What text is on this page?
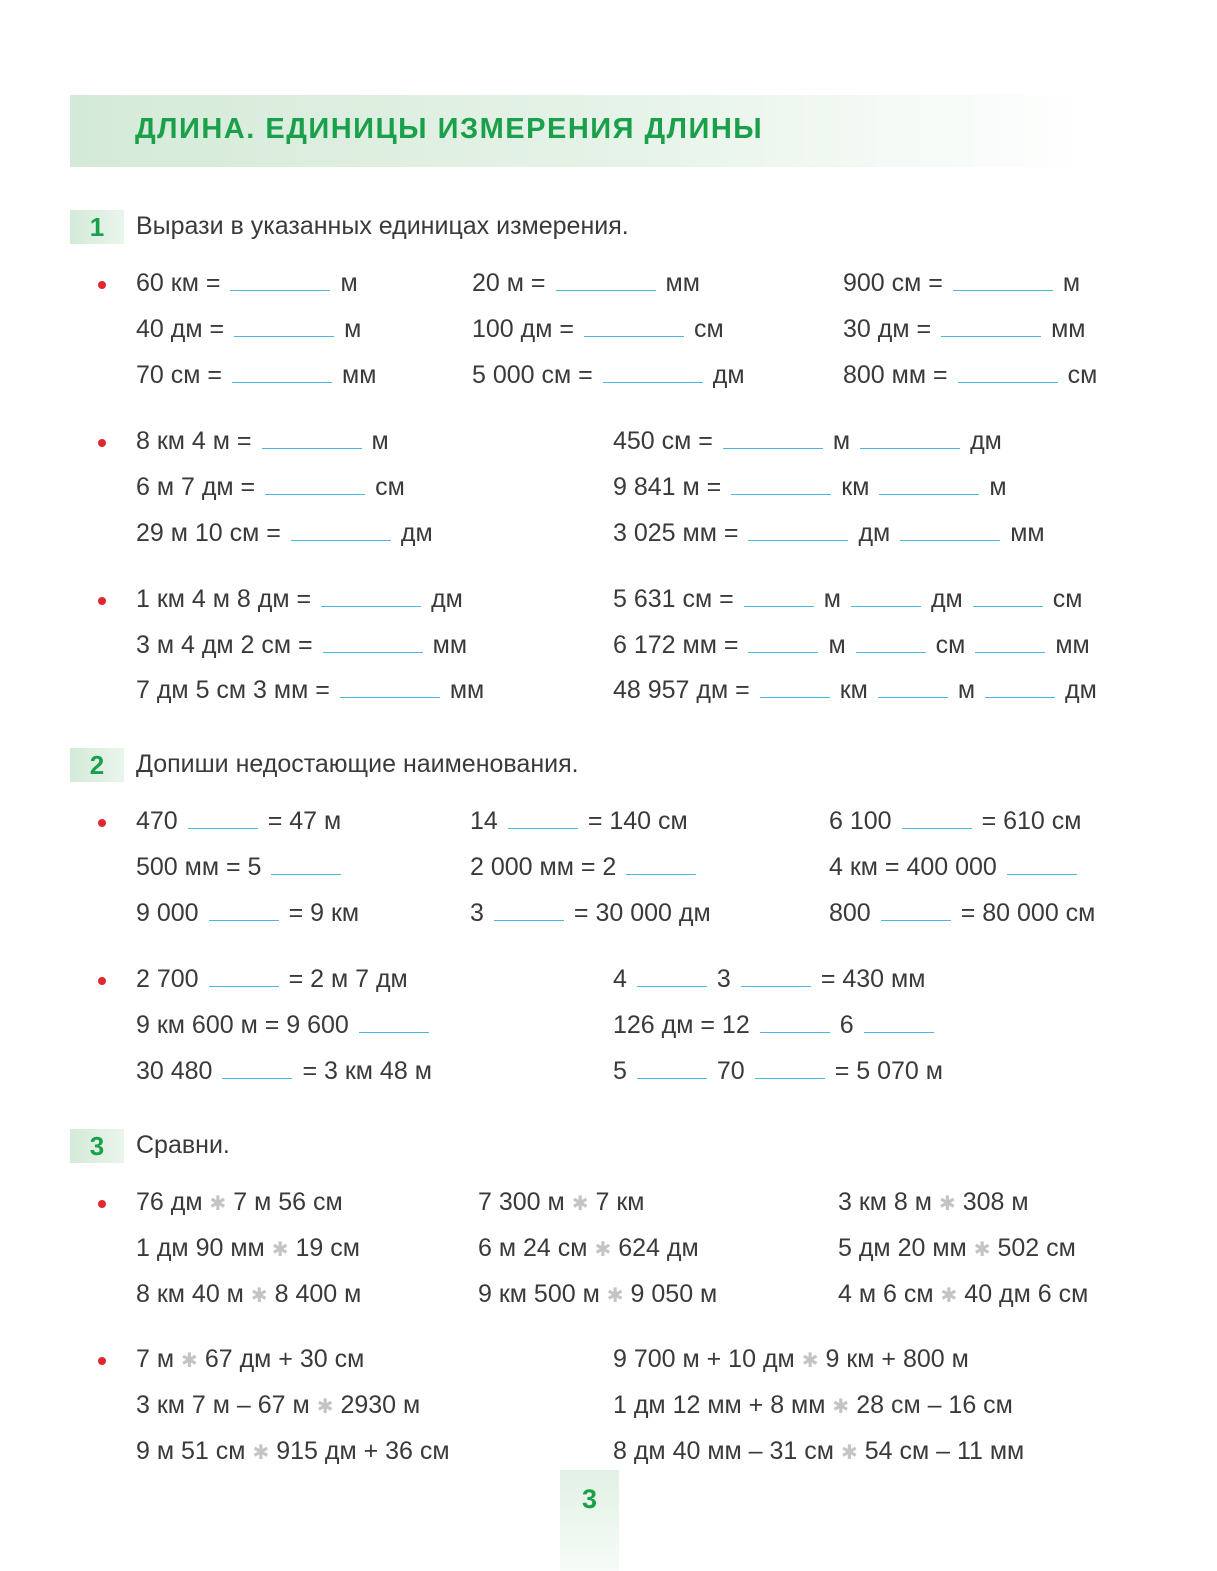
ДЛИНА. ЕДИНИЦЫ ИЗМЕРЕНИЯ ДЛИНЫ
1	Вырази в указанных единицах измерения.
60 км =	м	20 м =	мм	900 см =	м
40 дм =	м	100 дм =	см	30 дм =	мм
70 см =	мм	5 000 см =	дм	800 мм =	см
8 км 4 м =	м	450 см =	м	дм
6 м 7 дм =	см	9 841 м =	км	м
29 м 10 см =	дм	3 025 мм =	дм	мм
1 км 4 м 8 дм =	дм	5 631 см =	м	дм	см
3 м 4 дм 2 см =	мм	6 172 мм =	м	см	мм
7 дм 5 см 3 мм =	мм	48 957 дм =	км	м	дм
2	Допиши недостающие наименования.
470	= 47 м	14	= 140 см	6 100	= 610 см
500 мм = 5	2 000 мм = 2	4 км = 400 000
9 000	= 9 км	3	= 30 000 дм	800	= 80 000 см
2 700	= 2 м 7 дм	4	3	= 430 мм
9 км 600 м = 9 600	126 дм = 12	6
30 480	= 3 км 48 м	5	70	= 5 070 м
3	Сравни.
76 дм ✱ 7 м 56 см	7 300 м ✱ 7 км	3 км 8 м ✱ 308 м
1 дм 90 мм ✱ 19 см	6 м 24 см ✱ 624 дм	5 дм 20 мм ✱ 502 см
8 км 40 м ✱ 8 400 м	9 км 500 м ✱ 9 050 м	4 м 6 см ✱ 40 дм 6 см
7 м ✱ 67 дм + 30 см	9 700 м + 10 дм ✱ 9 км + 800 м
3 км 7 м – 67 м ✱ 2930 м	1 дм 12 мм + 8 мм ✱ 28 см – 16 см
9 м 51 см ✱ 915 дм + 36 см	8 дм 40 мм – 31 см ✱ 54 см – 11 мм
3
